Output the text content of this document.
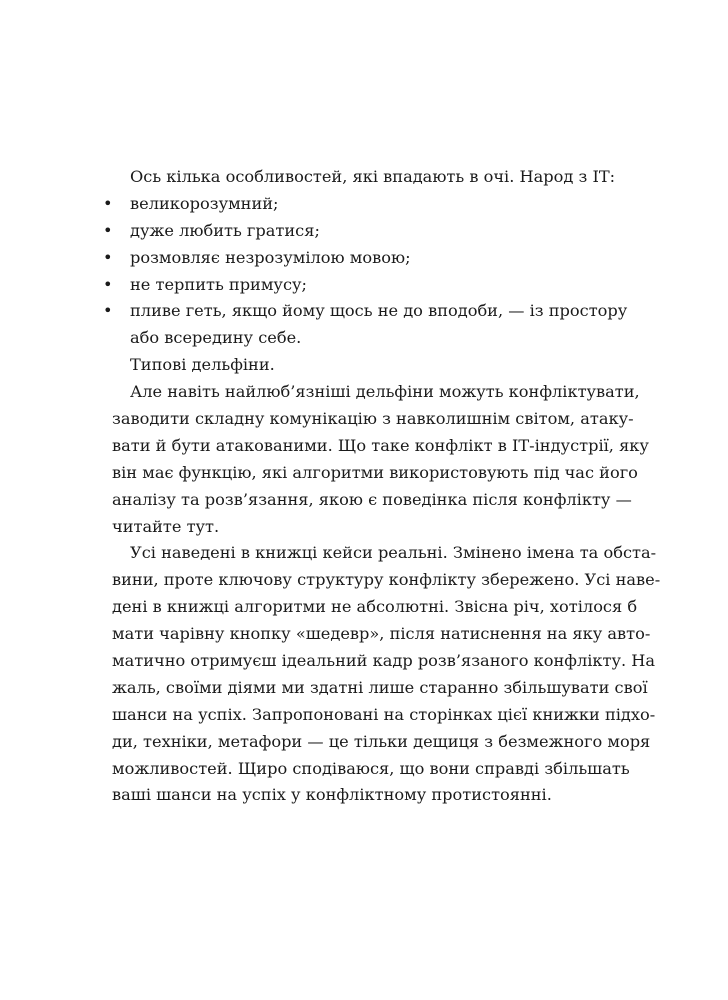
Ось кілька особливостей, які впадають в очі. Народ з ІТ:
• великорозумний;
• дуже любить гратися;
• розмовляє незрозумілою мовою;
• не терпить примусу;
• пливе геть, якщо йому щось не до вподоби, — із простору
або всередину себе.
Типові дельфіни.
Але навіть найлюб’язніші дельфіни можуть конфліктувати,
заводити складну комунікацію з навколишнім світом, атаку-
вати й бути атакованими. Що таке конфлікт в ІТ-індустрії, яку
він має функцію, які алгоритми використовують під час його
аналізу та розв’язання, якою є поведінка після конфлікту —
читайте тут.
Усі наведені в книжці кейси реальні. Змінено імена та обста-
вини, проте ключову структуру конфлікту збережено. Усі наве-
дені в книжці алгоритми не абсолютні. Звісна річ, хотілося б
мати чарівну кнопку «шедевр», після натиснення на яку авто-
матично отримуєш ідеальний кадр розв’язаного конфлікту. На
жаль, своїми діями ми здатні лише старанно збільшувати свої
шанси на успіх. Запропоновані на сторінках цієї книжки підхо-
ди, техніки, метафори — це тільки дещиця з безмежного моря
можливостей. Щиро сподіваюся, що вони справді збільшать
ваші шанси на успіх у конфліктному протистоянні.
